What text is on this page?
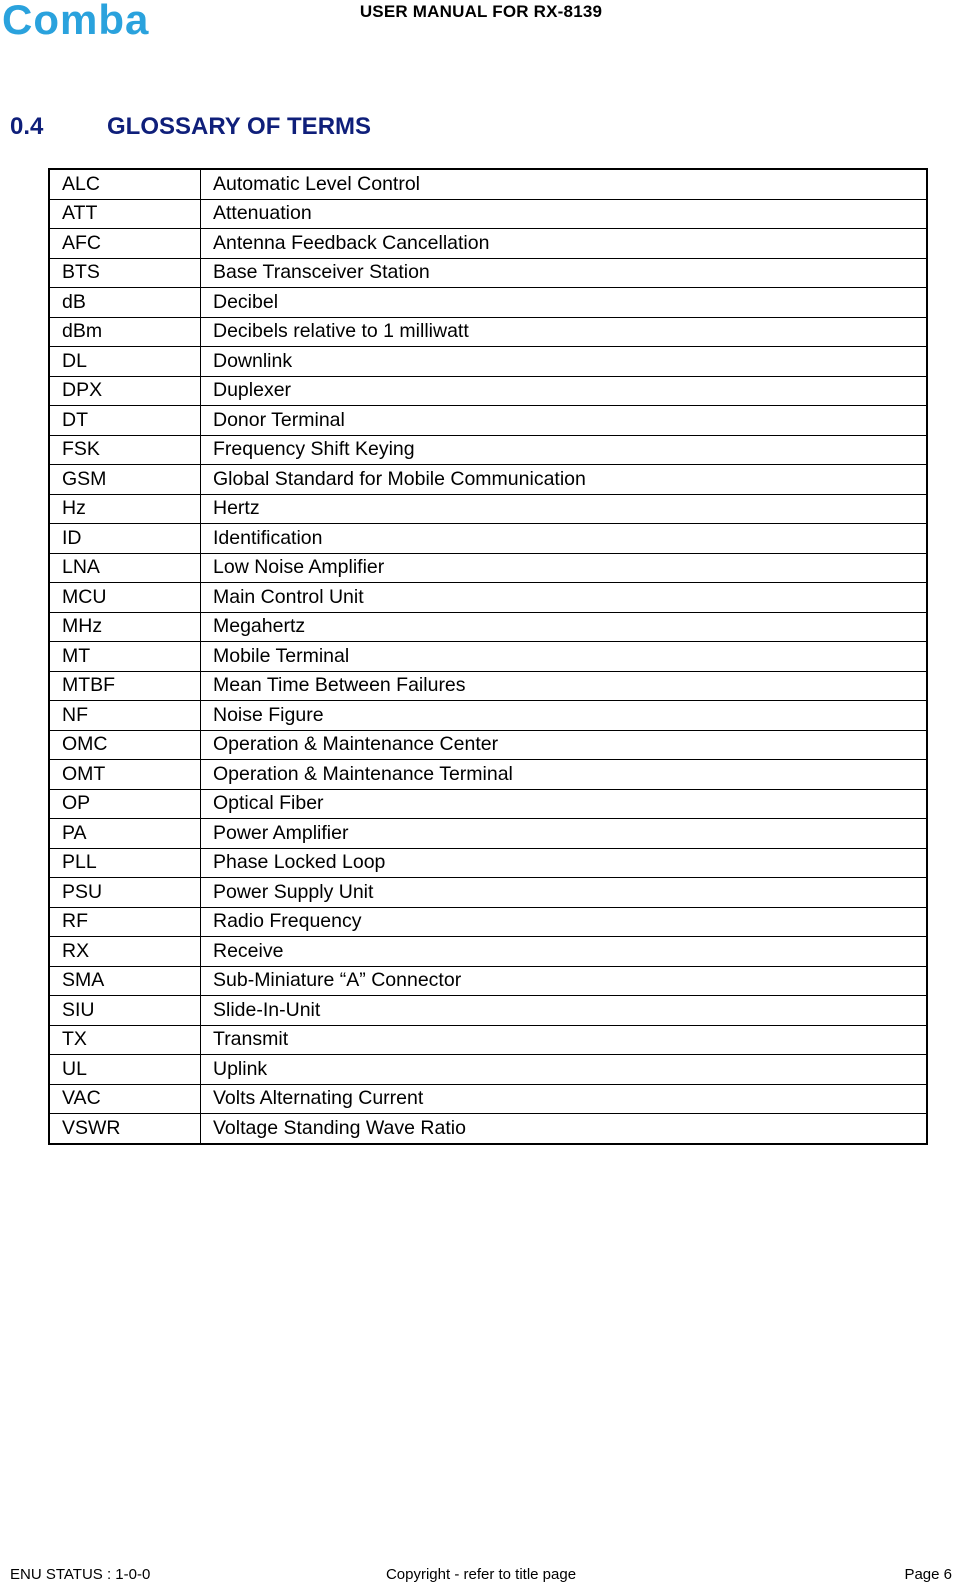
Comba	USER MANUAL FOR RX-8139
0.4	GLOSSARY OF TERMS
ALC	Automatic Level Control
ATT	Attenuation
AFC	Antenna Feedback Cancellation
BTS	Base Transceiver Station
dB	Decibel
dBm	Decibels relative to 1 milliwatt
DL	Downlink
DPX	Duplexer
DT	Donor Terminal
FSK	Frequency Shift Keying
GSM	Global Standard for Mobile Communication
Hz	Hertz
ID	Identification
LNA	Low Noise Amplifier
MCU	Main Control Unit
MHz	Megahertz
MT	Mobile Terminal
MTBF	Mean Time Between Failures
NF	Noise Figure
OMC	Operation & Maintenance Center
OMT	Operation & Maintenance Terminal
OP	Optical Fiber
PA	Power Amplifier
PLL	Phase Locked Loop
PSU	Power Supply Unit
RF	Radio Frequency
RX	Receive
SMA	Sub-Miniature “A” Connector
SIU	Slide-In-Unit
TX	Transmit
UL	Uplink
VAC	Volts Alternating Current
VSWR	Voltage Standing Wave Ratio
ENU STATUS : 1-0-0	Copyright - refer to title page	Page 6
